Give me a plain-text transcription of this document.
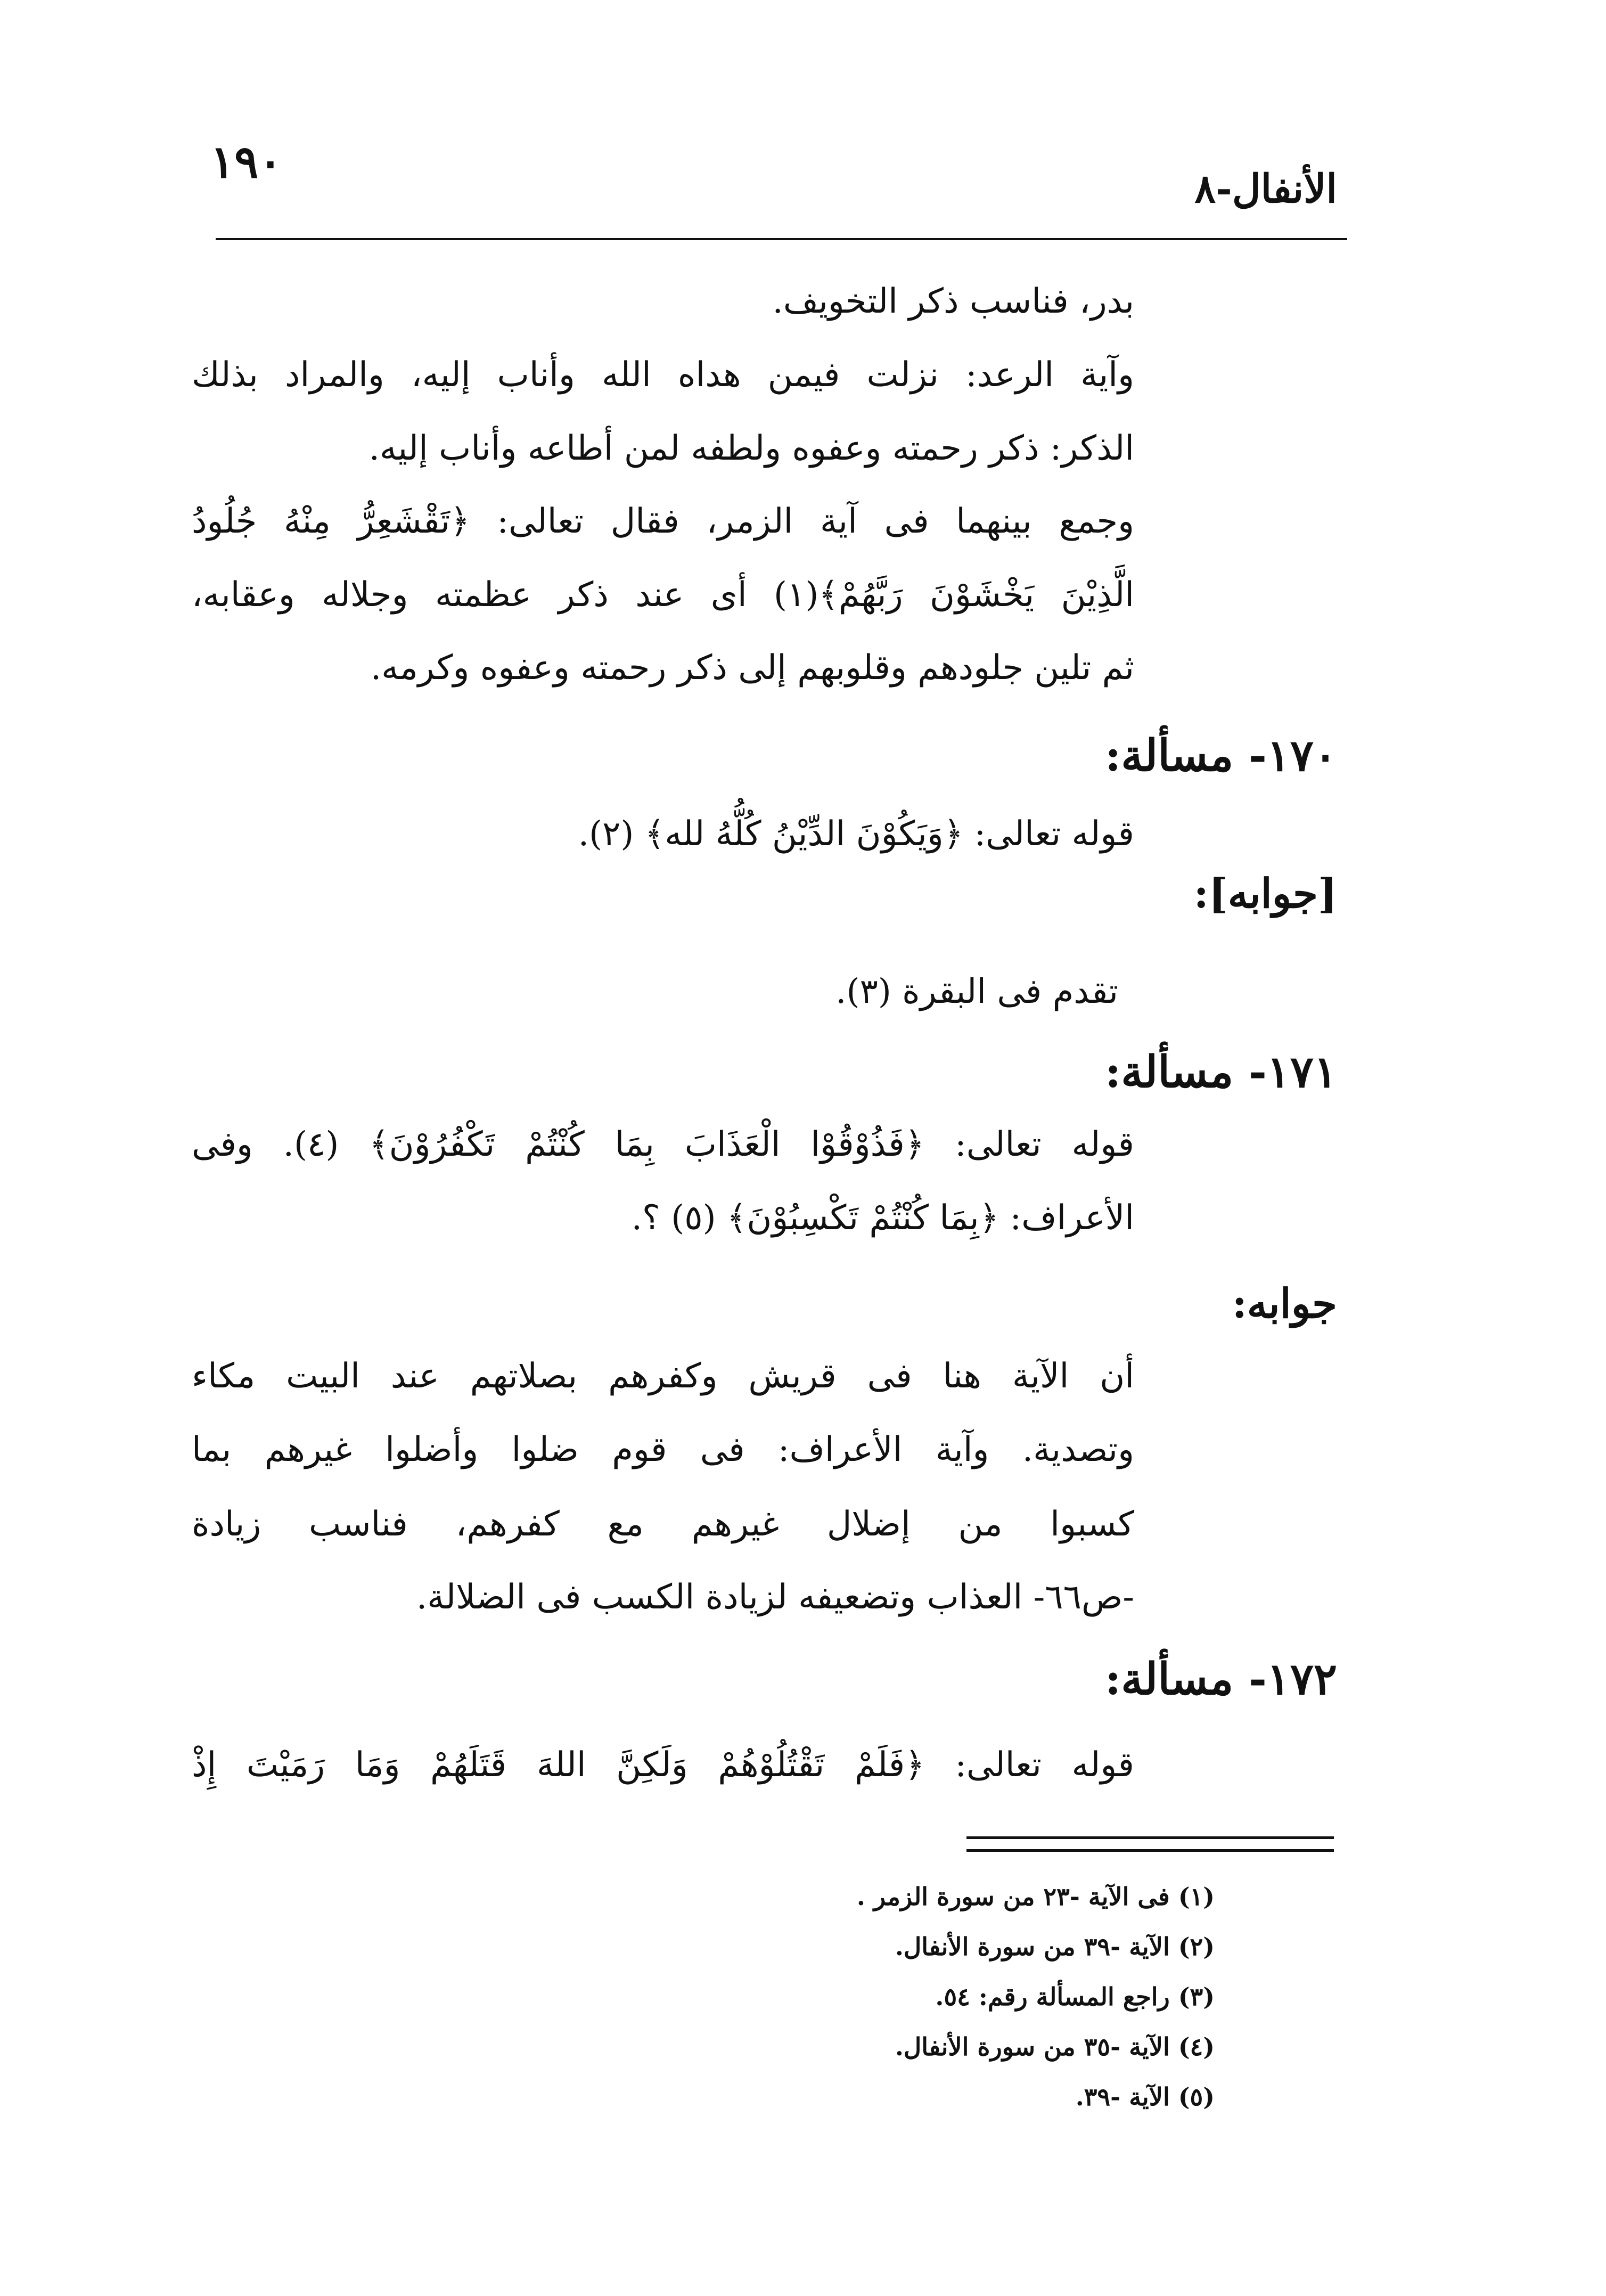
١٩٠
الأنفال-٨
بدر، فناسب ذكر التخويف.
وآية الرعد: نزلت فيمن هداه الله وأناب إليه، والمراد بذلك
الذكر: ذكر رحمته وعفوه ولطفه لمن أطاعه وأناب إليه.
وجمع بينهما فى آية الزمر، فقال تعالى: ﴿تَقْشَعِرُّ مِنْهُ جُلُودُ
الَّذِيْنَ يَخْشَوْنَ رَبَّهُمْ﴾(١) أى عند ذكر عظمته وجلاله وعقابه،
ثم تلين جلودهم وقلوبهم إلى ذكر رحمته وعفوه وكرمه.
١٧٠- مسألة:
قوله تعالى: ﴿وَيَكُوْنَ الدِّيْنُ كُلُّهُ لله﴾ (٢).
[جوابه]:
تقدم فى البقرة (٣).
١٧١- مسألة:
قوله تعالى: ﴿فَذُوْقُوْا الْعَذَابَ بِمَا كُنْتُمْ تَكْفُرُوْنَ﴾ (٤). وفى
الأعراف: ﴿بِمَا كُنْتُمْ تَكْسِبُوْنَ﴾ (٥) ؟.
جوابه:
أن الآية هنا فى قريش وكفرهم بصلاتهم عند البيت مكاء
وتصدية. وآية الأعراف: فى قوم ضلوا وأضلوا غيرهم بما
كسبوا من إضلال غيرهم مع كفرهم، فناسب زيادة
-ص٦٦- العذاب وتضعيفه لزيادة الكسب فى الضلالة.
١٧٢- مسألة:
قوله تعالى: ﴿فَلَمْ تَقْتُلُوْهُمْ وَلَكِنَّ اللهَ قَتَلَهُمْ وَمَا رَمَيْتَ إِذْ
(١) فى الآية -٢٣ من سورة الزمر .
(٢) الآية -٣٩ من سورة الأنفال.
(٣) راجع المسألة رقم: ٥٤.
(٤) الآية -٣٥ من سورة الأنفال.
(٥) الآية -٣٩.
